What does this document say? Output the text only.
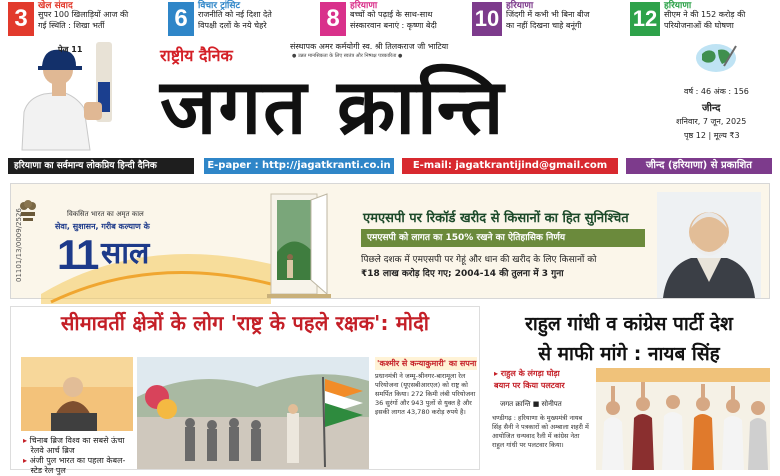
3	खेल संवाद
सुपर 100 खिलाड़ियों आज की
गई स्थिति : शिखा भर्ती	6	विचार ट्रांसिट
राजनीति को नई दिशा देते
विपक्षी दलों के नये चेहरे 8	हरियाणा
बच्चों को पढ़ाई के साथ-साथ
संस्कारवान बनाएं : कृष्णा बेदी 10 हरियाणा
जिंदगी में कभी भी बिना बीज
का नहीं दिखना चाहे बनूंगी 12 हरियाणा
सीएम ने की 152 करोड़ की
परियोजनाओं की घोषणा
पेज 11	राष्ट्रीय दैनिक	संस्थापक अमर कर्मयोगी स्व. श्री तिलकराज जी भाटिया
● उन्नत मानसिकता के लिए स्वतंत्र और निष्पक्ष पत्रकारिता ●
जगत क्रान्ति	वर्ष : 46 अंक : 156
जीन्द
शनिवार, 7 जून, 2025
पृष्ठ 12 | मूल्य ₹3
हरियाणा का सर्वमान्य लोकप्रिय हिन्दी दैनिक	E-paper : http://jagatkranti.co.in	E-mail: jagatkrantijind@gmail.com	जीन्द (हरियाणा) से प्रकाशित
01101/13/0009/2526	विकसित भारत का अमृत काल
सेवा, सुशासन, गरीब कल्याण के
11 साल
एमएसपी पर रिकॉर्ड खरीद से किसानों का हित सुनिश्चित
एमएसपी को लागत का 150% रखने का ऐतिहासिक निर्णय
पिछले दशक में एमएसपी पर गेहूं और धान की खरीद के लिए किसानों को
₹18 लाख करोड़ दिए गए; 2004-14 की तुलना में 3 गुना
सीमावर्ती क्षेत्रों के लोग 'राष्ट्र के पहले रक्षक': मोदी
▸ चिनाब ब्रिज विश्व का सबसे ऊंचा
रेलवे आर्च ब्रिज
▸ अंजी पुल भारत का पहला केबल-
स्टेड रेल पुल
'कश्मीर से कन्याकुमारी' का सपना
प्रधानमंत्री ने जम्मू-श्रीनगर-बारामूला रेल परियोजना (यूएसबीआरएल) को राष्ट्र को समर्पित किया। 272 किमी लंबी परियोजना 36 सुरंगों और 943 पुलों से युक्त है और इसकी लागत 43,780 करोड़ रुपये है।
राहुल गांधी व कांग्रेस पार्टी देश
से माफी मांगे : नायब सिंह
▸ राहुल के लंगड़ा घोड़ा
बयान पर किया पलटवार
जगत क्रान्ति ■ सोनीपत
चण्डीगढ़ : हरियाणा के मुख्यमंत्री नायब सिंह सैनी ने पत्रकारों को अम्बाला शहरी में आयोजित धन्यवाद रैली में कांग्रेस नेता राहुल गांधी पर पलटवार किया।
